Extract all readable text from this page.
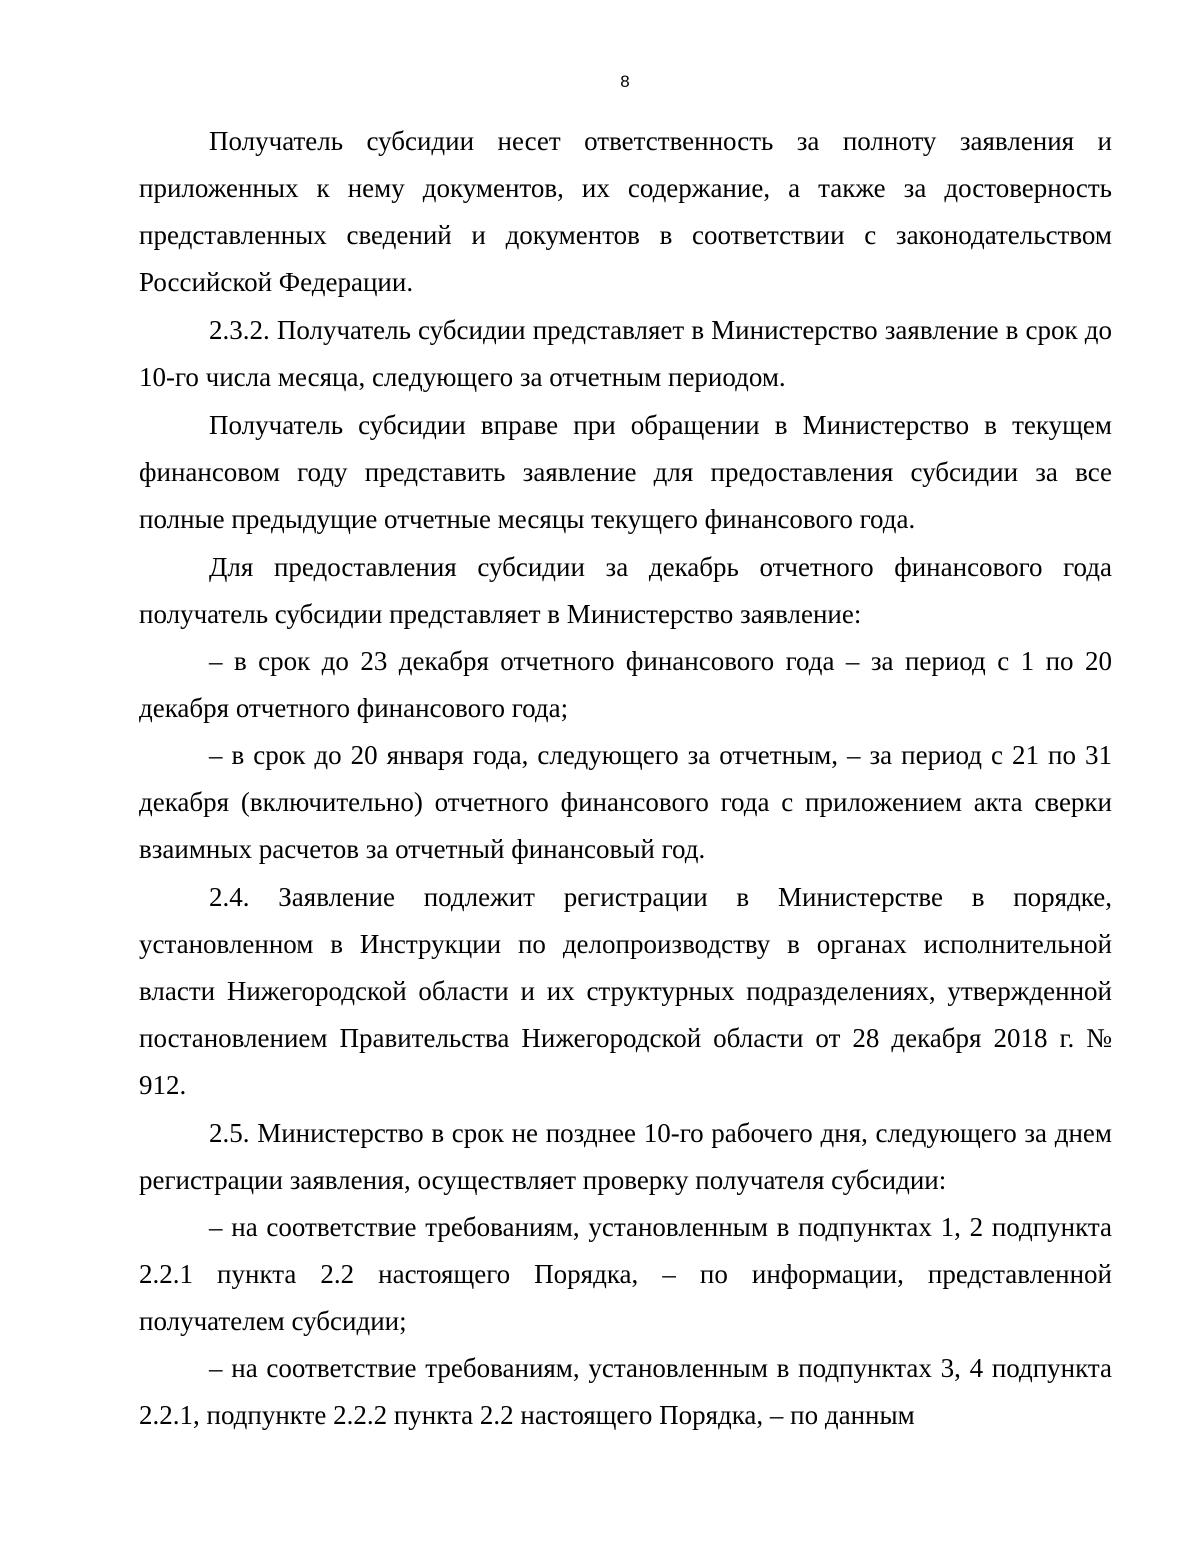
8

Получатель субсидии несет ответственность за полноту заявления и приложенных к нему документов, их содержание, а также за достоверность представленных сведений и документов в соответствии с законодательством Российской Федерации.

2.3.2. Получатель субсидии представляет в Министерство заявление в срок до 10-го числа месяца, следующего за отчетным периодом.

Получатель субсидии вправе при обращении в Министерство в текущем финансовом году представить заявление для предоставления субсидии за все полные предыдущие отчетные месяцы текущего финансового года.

Для предоставления субсидии за декабрь отчетного финансового года получатель субсидии представляет в Министерство заявление:

– в срок до 23 декабря отчетного финансового года – за период с 1 по 20 декабря отчетного финансового года;

– в срок до 20 января года, следующего за отчетным, – за период с 21 по 31 декабря (включительно) отчетного финансового года с приложением акта сверки взаимных расчетов за отчетный финансовый год.

2.4. Заявление подлежит регистрации в Министерстве в порядке, установленном в Инструкции по делопроизводству в органах исполнительной власти Нижегородской области и их структурных подразделениях, утвержденной постановлением Правительства Нижегородской области от 28 декабря 2018 г. № 912.

2.5. Министерство в срок не позднее 10-го рабочего дня, следующего за днем регистрации заявления, осуществляет проверку получателя субсидии:

– на соответствие требованиям, установленным в подпунктах 1, 2 подпункта 2.2.1 пункта 2.2 настоящего Порядка, – по информации, представленной получателем субсидии;

– на соответствие требованиям, установленным в подпунктах 3, 4 подпункта 2.2.1, подпункте 2.2.2 пункта 2.2 настоящего Порядка, – по данным
